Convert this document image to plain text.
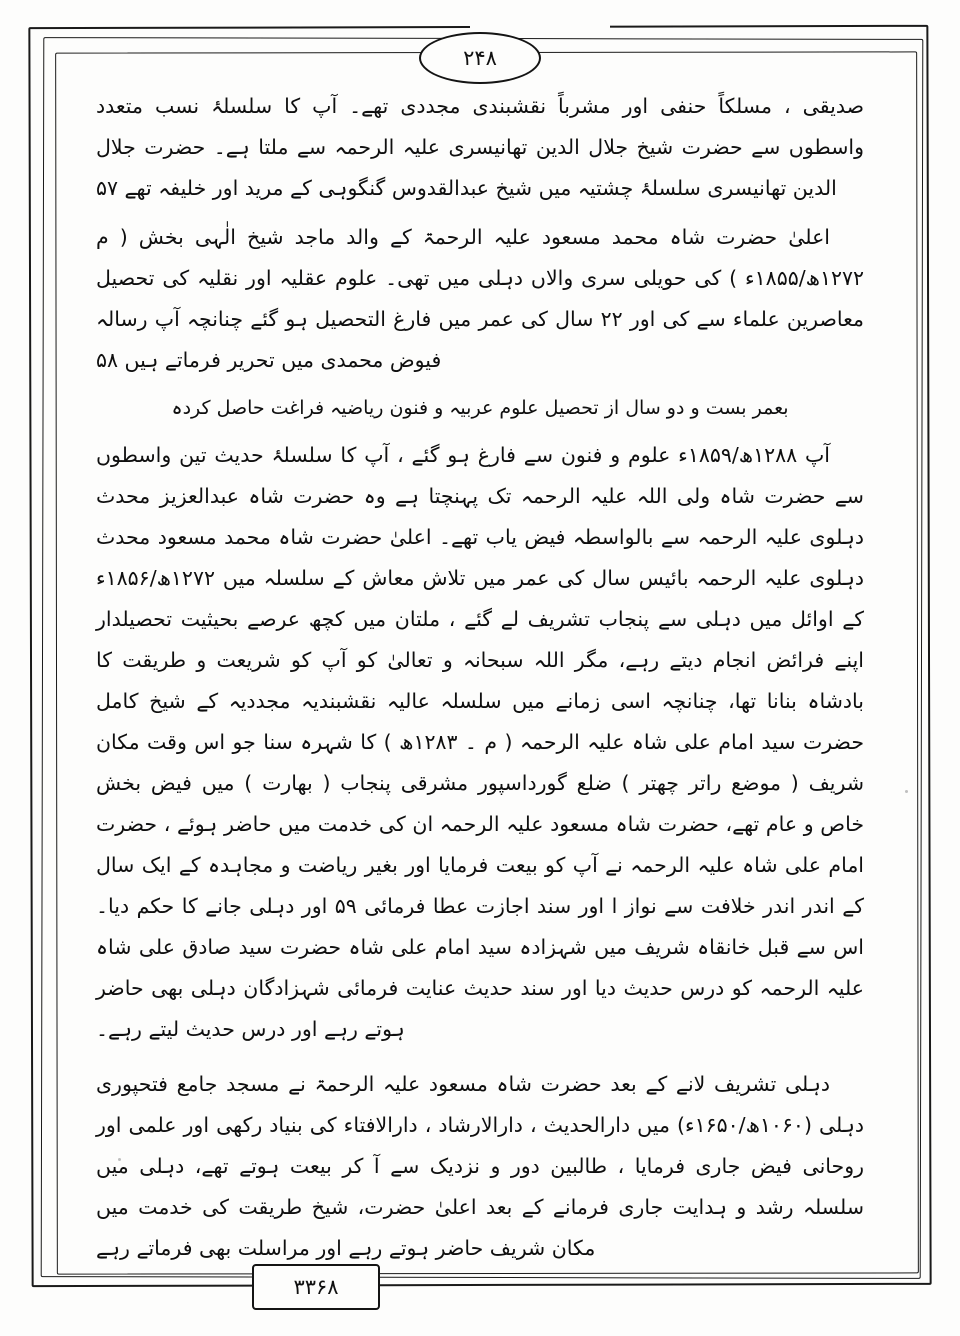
۲۴۸
۳۳۶۸

صدیقی ، مسلکاً حنفی اور مشرباً نقشبندی مجددی تھے۔ آپ کا سلسلۂ نسب متعدد واسطوں سے حضرت شیخ جلال الدین تھانیسری علیہ الرحمہ سے ملتا ہے۔ حضرت جلال الدین تھانیسری سلسلۂ چشتیہ میں شیخ عبدالقدوس گنگوہی کے مرید اور خلیفہ تھے ۵۷

اعلیٰ حضرت شاہ محمد مسعود علیہ الرحمۃ کے والد ماجد شیخ الٰہی بخش ( م ۱۲۷۲ھ/۱۸۵۵ء ) کی حویلی سری والاں دہلی میں تھی۔ علوم عقلیہ اور نقلیہ کی تحصیل معاصرین علماء سے کی اور ۲۲ سال کی عمر میں فارغ التحصیل ہو گئے چنانچہ آپ رسالہ فیوض محمدی میں تحریر فرماتے ہیں ۵۸

بعمر بست و دو سال از تحصیل علوم عربیہ و فنون ریاضیہ فراغت حاصل کردہ

آپ ۱۲۸۸ھ/۱۸۵۹ء علوم و فنون سے فارغ ہو گئے ، آپ کا سلسلۂ حدیث تین واسطوں سے حضرت شاہ ولی اللہ علیہ الرحمہ تک پہنچتا ہے وہ حضرت شاہ عبدالعزیز محدث دہلوی علیہ الرحمہ سے بالواسطہ فیض یاب تھے۔ اعلیٰ حضرت شاہ محمد مسعود محدث دہلوی علیہ الرحمہ بائیس سال کی عمر میں تلاش معاش کے سلسلہ میں ۱۲۷۲ھ/۱۸۵۶ء کے اوائل میں دہلی سے پنجاب تشریف لے گئے ، ملتان میں کچھ عرصے بحیثیت تحصیلدار اپنے فرائض انجام دیتے رہے، مگر اللہ سبحانہ و تعالیٰ کو آپ کو شریعت و طریقت کا بادشاہ بنانا تھا، چنانچہ اسی زمانے میں سلسلہ عالیہ نقشبندیہ مجددیہ کے شیخ کامل حضرت سید امام علی شاہ علیہ الرحمہ ( م ۔ ۱۲۸۳ھ ) کا شہرہ سنا جو اس وقت مکان شریف ( موضع راتر چھتر ) ضلع گورداسپور مشرقی پنجاب ( بھارت ) میں فیض بخش خاص و عام تھے، حضرت شاہ مسعود علیہ الرحمہ ان کی خدمت میں حاضر ہوئے ، حضرت امام علی شاہ علیہ الرحمہ نے آپ کو بیعت فرمایا اور بغیر ریاضت و مجاہدہ کے ایک سال کے اندر اندر خلافت سے نواز ا اور سند اجازت عطا فرمائی ۵۹ اور دہلی جانے کا حکم دیا۔ اس سے قبل خانقاہ شریف میں شہزادہ سید امام علی شاہ حضرت سید صادق علی شاہ علیہ الرحمہ کو درس حدیث دیا اور سند حدیث عنایت فرمائی شہزادگان دہلی بھی حاضر ہوتے رہے اور درس حدیث لیتے رہے۔

دہلی تشریف لانے کے بعد حضرت شاہ مسعود علیہ الرحمۃ نے مسجد جامع فتحپوری دہلی (۱۰۶۰ھ/۱۶۵۰ء) میں دارالحدیث ، دارالارشاد ، دارالافتاء کی بنیاد رکھی اور علمی اور روحانی فیض جاری فرمایا ، طالبین دور و نزدیک سے آ کر بیعت ہوتے تھے، دہلی میں سلسلہ رشد و ہدایت جاری فرمانے کے بعد اعلیٰ حضرت، شیخ طریقت کی خدمت میں مکان شریف حاضر ہوتے رہے اور مراسلت بھی فرماتے رہے
